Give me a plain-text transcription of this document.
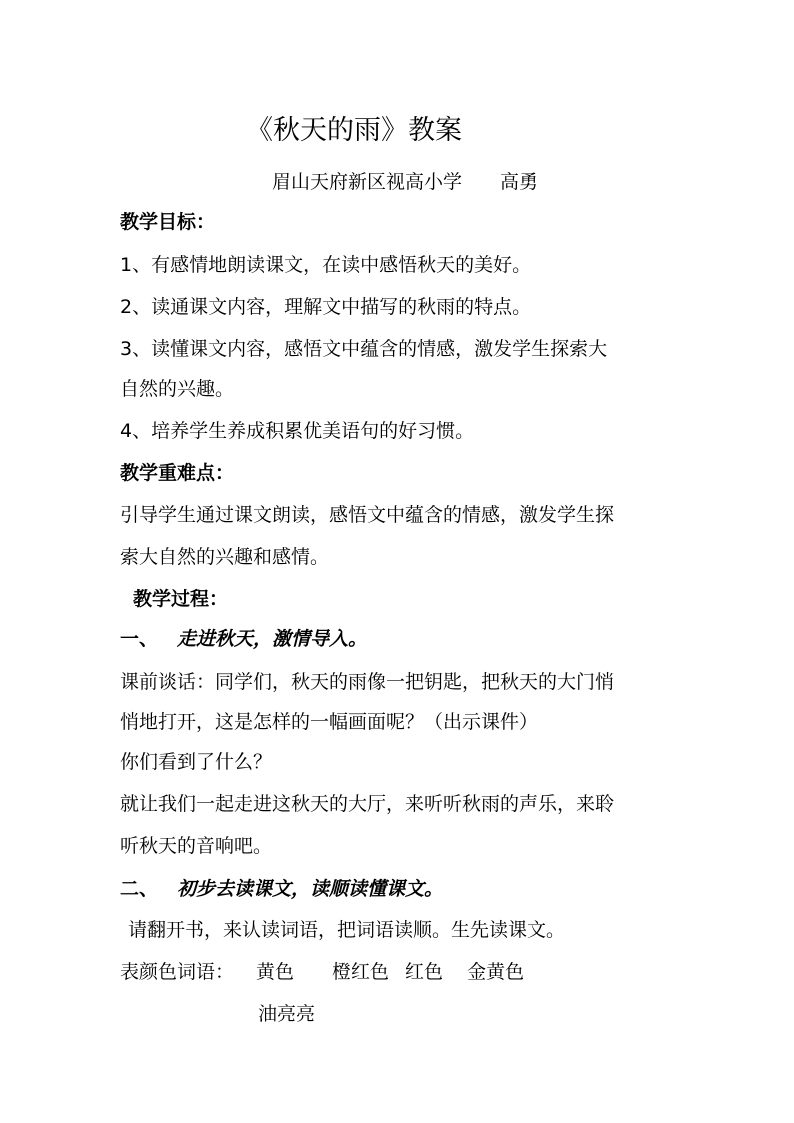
《秋天的雨》教案
眉山天府新区视高小学 高勇
教学目标：
1、有感情地朗读课文，在读中感悟秋天的美好。
2、读通课文内容，理解文中描写的秋雨的特点。
3、读懂课文内容，感悟文中蕴含的情感，激发学生探索大
自然的兴趣。
4、培养学生养成积累优美语句的好习惯。
教学重难点：
引导学生通过课文朗读，感悟文中蕴含的情感，激发学生探
索大自然的兴趣和感情。
教学过程：
一、 走进秋天，激情导入。
课前谈话：同学们，秋天的雨像一把钥匙，把秋天的大门悄
悄地打开，这是怎样的一幅画面呢？（出示课件）
你们看到了什么？
就让我们一起走进这秋天的大厅，来听听秋雨的声乐，来聆
听秋天的音响吧。
二、 初步去读课文，读顺读懂课文。
请翻开书，来认读词语，把词语读顺。生先读课文。
表颜色词语： 黄色 橙红色 红色 金黄色
油亮亮
